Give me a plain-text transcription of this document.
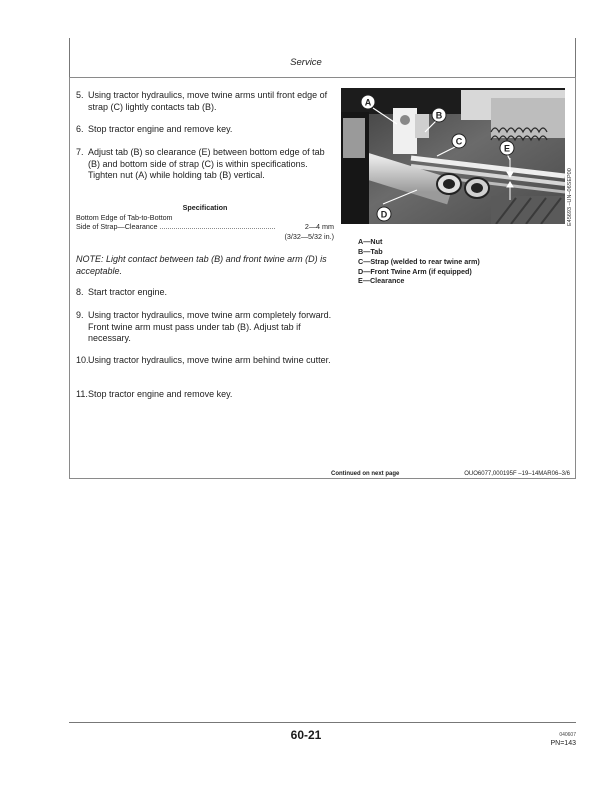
Service
5. Using tractor hydraulics, move twine arms until front edge of strap (C) lightly contacts tab (B).
6. Stop tractor engine and remove key.
7. Adjust tab (B) so clearance (E) between bottom edge of tab (B) and bottom side of strap (C) is within specifications. Tighten nut (A) while holding tab (B) vertical.
Specification
Bottom Edge of Tab-to-Bottom
Side of Strap—Clearance ..........................................................	2—4 mm
(3/32—5/32 in.)
NOTE: Light contact between tab (B) and front twine arm (D) is acceptable.
8. Start tractor engine.
9. Using tractor hydraulics, move twine arm completely forward. Front twine arm must pass under tab (B). Adjust tab if necessary.
10. Using tractor hydraulics, move twine arm behind twine cutter.
11. Stop tractor engine and remove key.
A
B
C
D
E
E45693 –UN–06SEP00
A—Nut
B—Tab
C—Strap (welded to rear twine arm)
D—Front Twine Arm (if equipped)
E—Clearance
Continued on next page	OUO6077,000195F –19–14MAR06–3/6
60-21	040607
PN=143
